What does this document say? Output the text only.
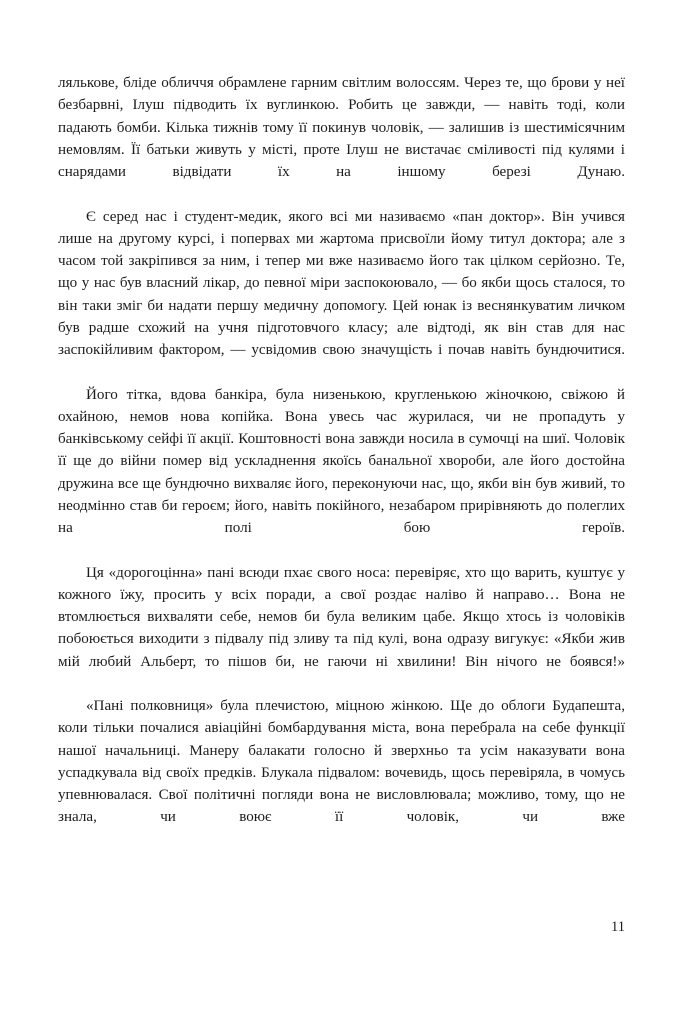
лялькове, бліде обличчя обрамлене гарним світлим волоссям. Через те, що брови у неї безбарвні, Ілуш підводить їх вуглинкою. Робить це завжди, — навіть тоді, коли падають бомби. Кілька тижнів тому її покинув чоловік, — залишив із шестимісячним немовлям. Її батьки живуть у місті, проте Ілуш не вистачає сміливості під кулями і снарядами відвідати їх на іншому березі Дунаю.

Є серед нас і студент-медик, якого всі ми називаємо «пан доктор». Він учився лише на другому курсі, і попервах ми жартома присвоїли йому титул доктора; але з часом той закріпився за ним, і тепер ми вже називаємо його так цілком серйозно. Те, що у нас був власний лікар, до певної міри заспокоювало, — бо якби щось сталося, то він таки зміг би надати першу медичну допомогу. Цей юнак із веснянкуватим личком був радше схожий на учня підготовчого класу; але відтоді, як він став для нас заспокійливим фактором, — усвідомив свою значущість і почав навіть бундючитися.

Його тітка, вдова банкіра, була низенькою, кругленькою жіночкою, свіжою й охайною, немов нова копійка. Вона увесь час журилася, чи не пропадуть у банківському сейфі її акції. Коштовності вона завжди носила в сумочці на шиї. Чоловік її ще до війни помер від ускладнення якоїсь банальної хвороби, але його достойна дружина все ще бундючно вихваляє його, переконуючи нас, що, якби він був живий, то неодмінно став би героєм; його, навіть покійного, незабаром прирівняють до полеглих на полі бою героїв.

Ця «дорогоцінна» пані всюди пхає свого носа: перевіряє, хто що варить, куштує у кожного їжу, просить у всіх поради, а свої роздає наліво й направо… Вона не втомлюється вихваляти себе, немов би була великим цабе. Якщо хтось із чоловіків побоюється виходити з підвалу під зливу та під кулі, вона одразу вигукує: «Якби жив мій любий Альберт, то пішов би, не гаючи ні хвилини! Він нічого не боявся!»

«Пані полковниця» була плечистою, міцною жінкою. Ще до облоги Будапешта, коли тільки почалися авіаційні бомбардування міста, вона перебрала на себе функції нашої начальниці. Манеру балакати голосно й зверхньо та усім наказувати вона успадкувала від своїх предків. Блукала підвалом: вочевидь, щось перевіряла, в чомусь упевнювалася. Свої політичні погляди вона не висловлювала; можливо, тому, що не знала, чи воює її чоловік, чи вже

11
